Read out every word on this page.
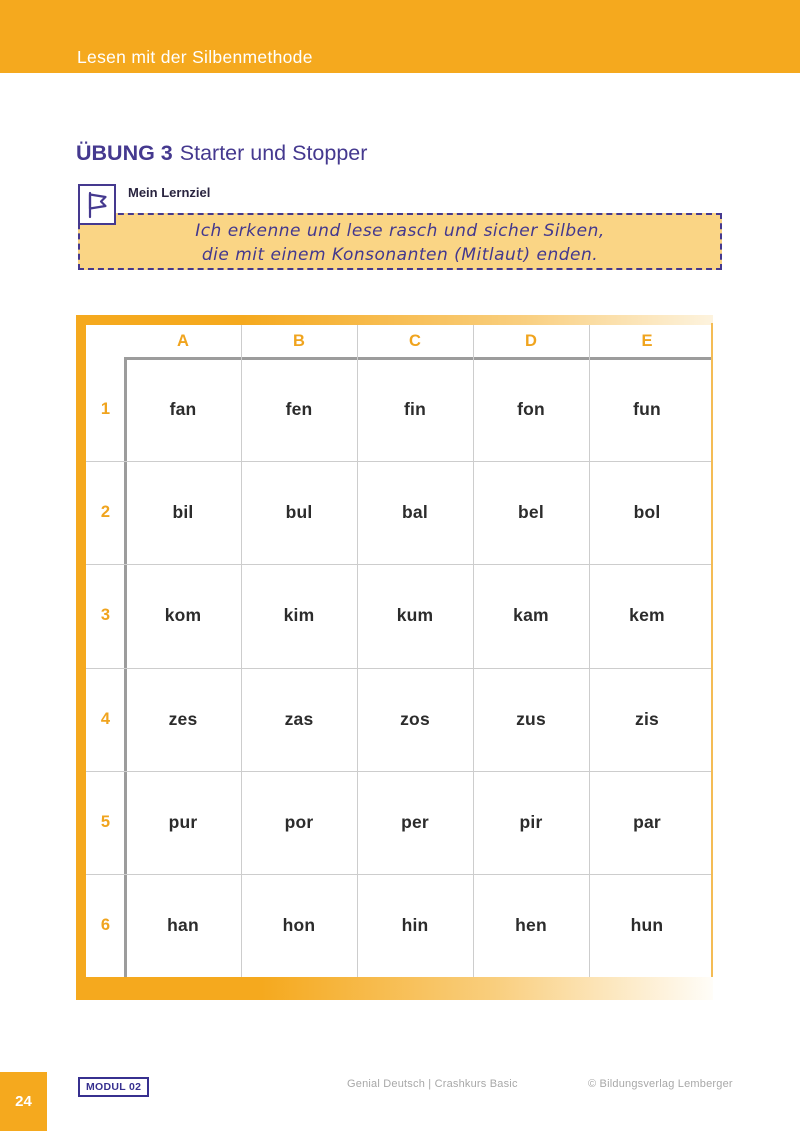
Lesen mit der Silbenmethode
ÜBUNG 3 Starter und Stopper
Mein Lernziel
Ich erkenne und lese rasch und sicher Silben,
die mit einem Konsonanten (Mitlaut) enden.
A	B	C	D	E
1	fan	fen	fin	fon	fun
2	bil	bul	bal	bel	bol
3	kom	kim	kum	kam	kem
4	zes	zas	zos	zus	zis
5	pur	por	per	pir	par
6	han	hon	hin	hen	hun
24
MODUL 02	Genial Deutsch | Crashkurs Basic	© Bildungsverlag Lemberger
